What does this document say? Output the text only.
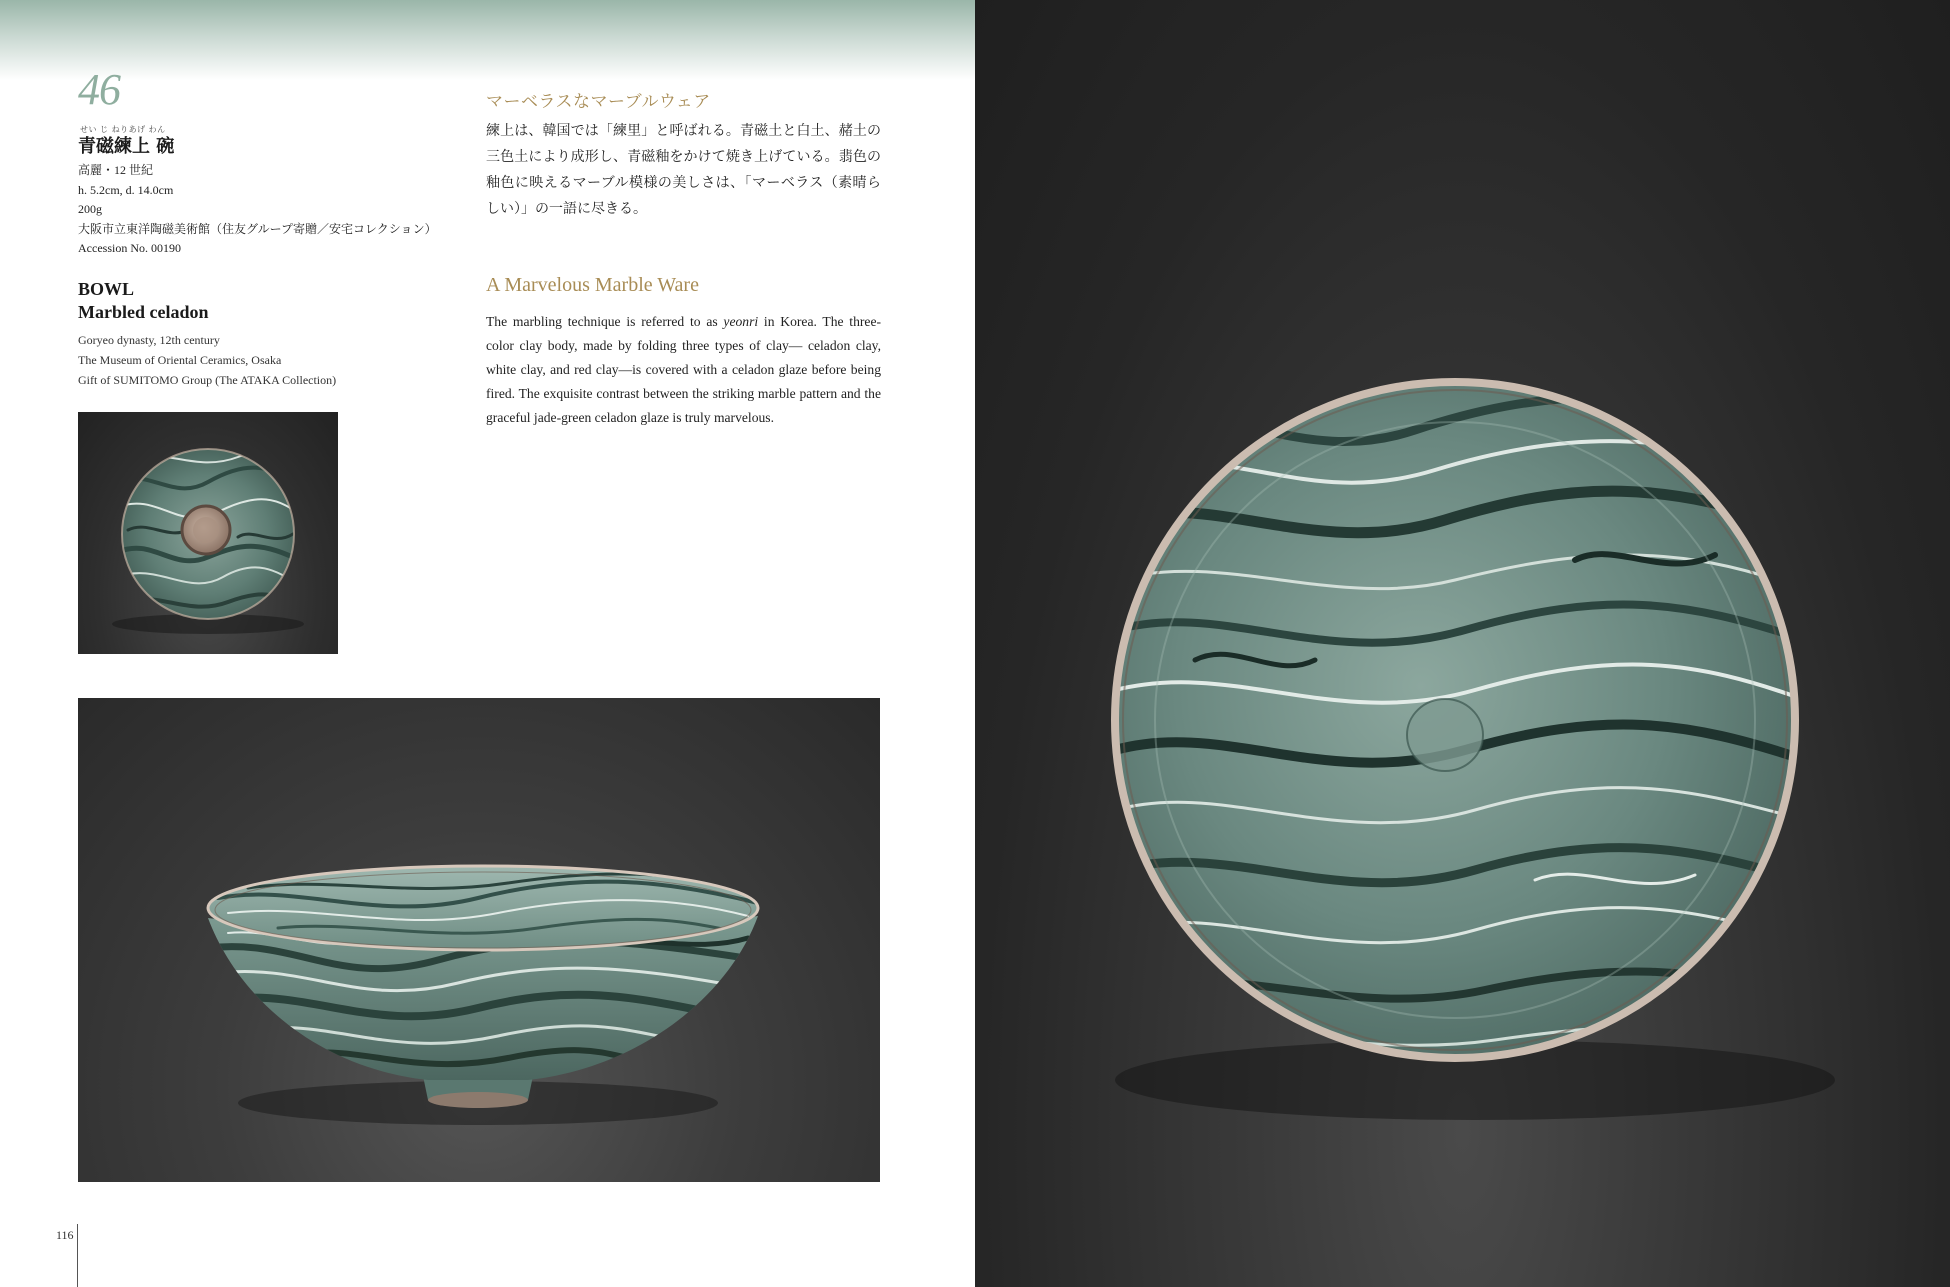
46
せい じ ねりあげ わん
青磁練上 碗
高麗・12 世紀
h. 5.2cm, d. 14.0cm
200g
大阪市立東洋陶磁美術館（住友グループ寄贈／安宅コレクション）
Accession No. 00190
BOWL
Marbled celadon
Goryeo dynasty, 12th century
The Museum of Oriental Ceramics, Osaka
Gift of SUMITOMO Group (The ATAKA Collection)
マーベラスなマーブルウェア
練上は、韓国では「練里」と呼ばれる。青磁土と白土、赭土の三色土により成形し、青磁釉をかけて焼き上げている。翡色の釉色に映えるマーブル模様の美しさは、「マーベラス（素晴らしい）」の一語に尽きる。
A Marvelous Marble Ware
The marbling technique is referred to as yeonri in Korea. The three-color clay body, made by folding three types of clay— celadon clay, white clay, and red clay—is covered with a celadon glaze before being fired. The exquisite contrast between the striking marble pattern and the graceful jade-green celadon glaze is truly marvelous.
116
